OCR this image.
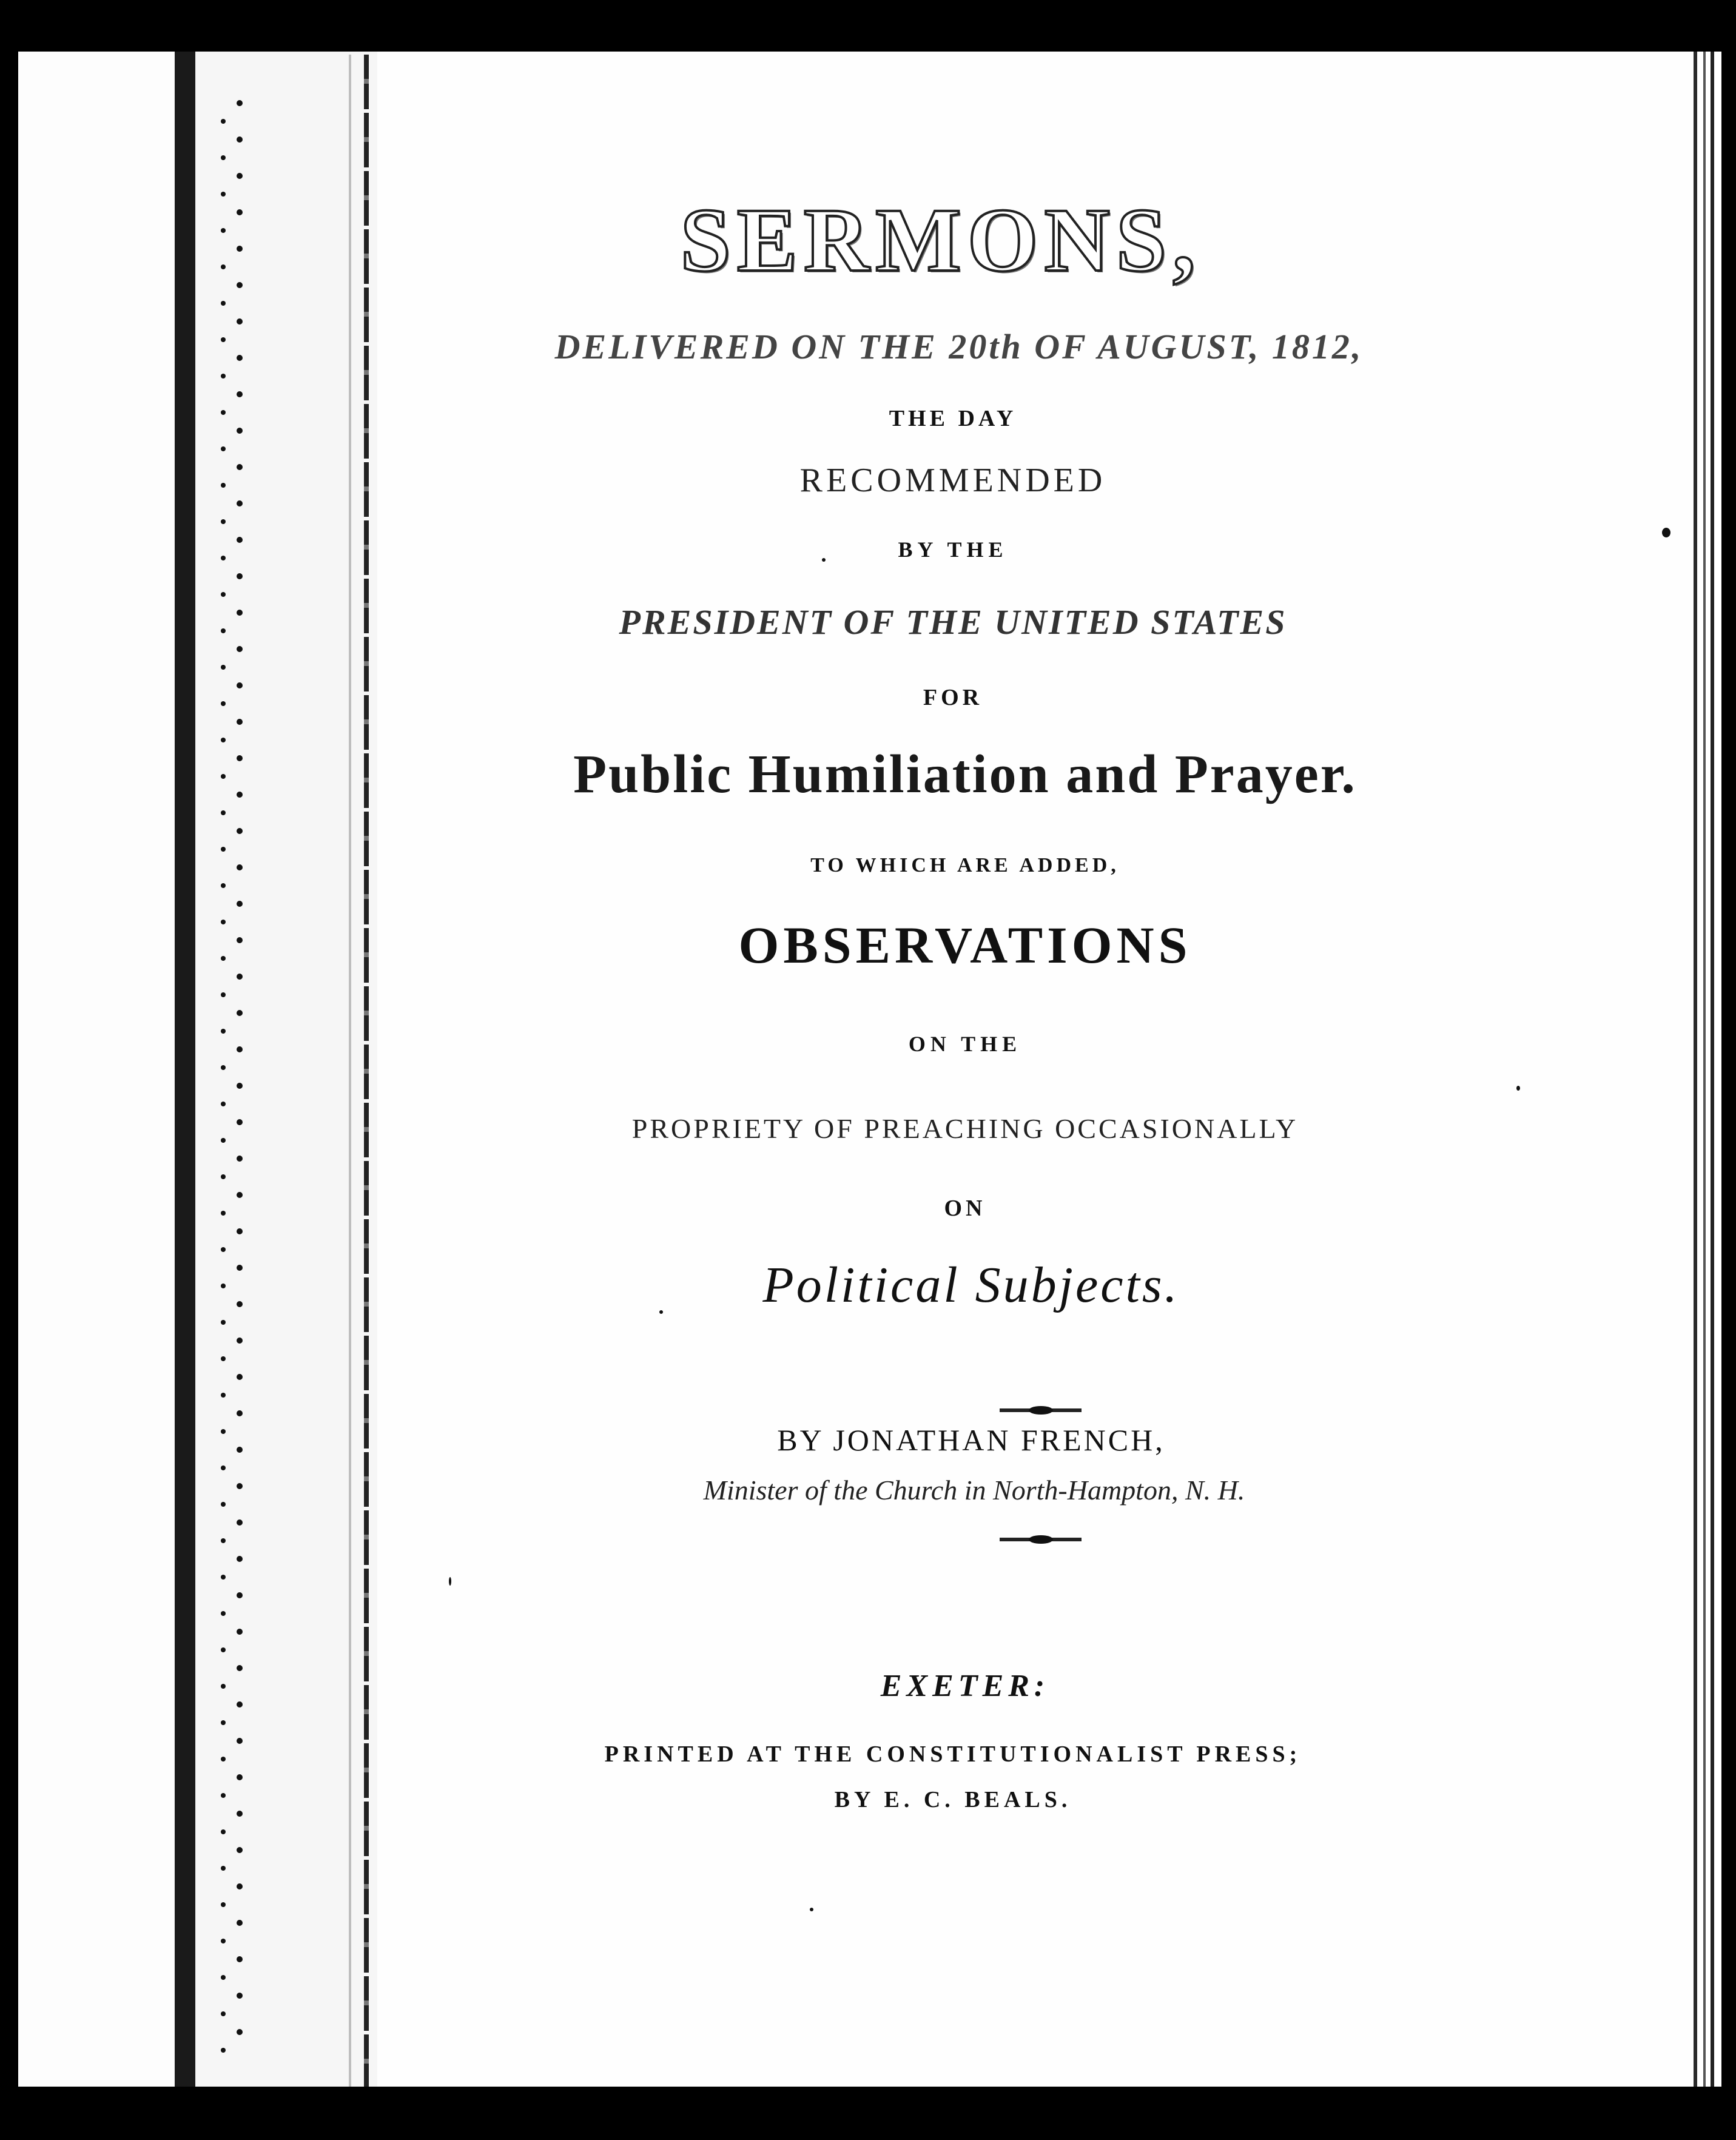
SERMONS,
DELIVERED ON THE 20th OF AUGUST, 1812,
THE DAY
RECOMMENDED
BY THE
PRESIDENT OF THE UNITED STATES
FOR
Public Humiliation and Prayer.
TO WHICH ARE ADDED,
OBSERVATIONS
ON THE
PROPRIETY OF PREACHING OCCASIONALLY
ON
Political Subjects.
BY JONATHAN FRENCH,
Minister of the Church in North-Hampton, N. H.
EXETER:
PRINTED AT THE CONSTITUTIONALIST PRESS;
BY E. C. BEALS.
